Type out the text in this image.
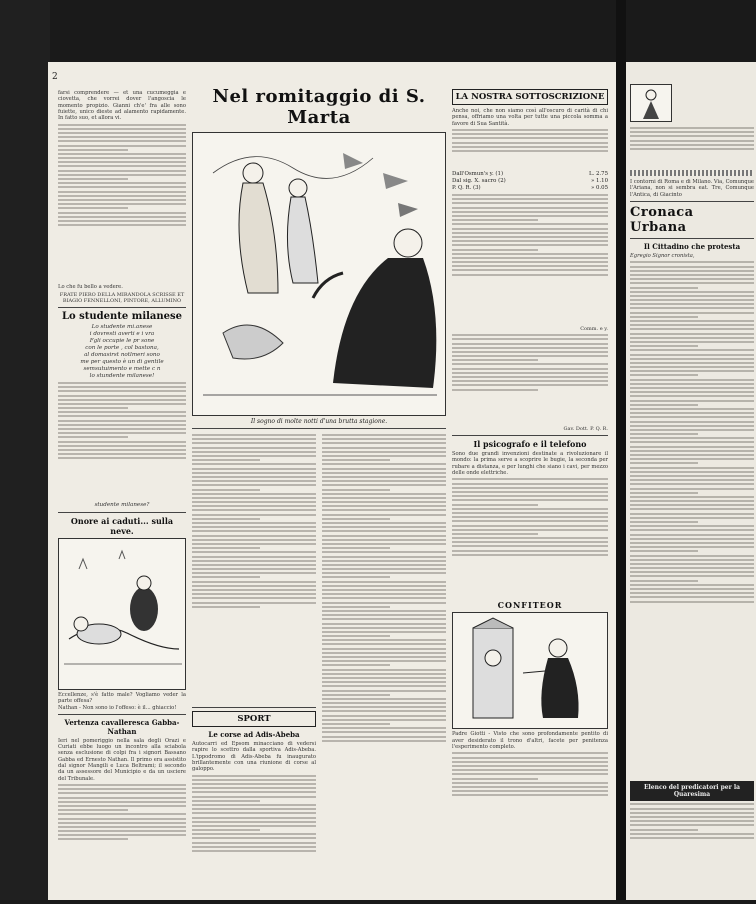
2

farsi comprendere — et una cucumeggia e ciovetta, che vorrei dover l'angoscia le momento propizio. Gianni ch'e' fra alle sono fuiette, unico dieste ad alamento rapidamente. In fatto suo, et allora vi.

Lo che fu bello a vedere.

FRATE PIERO DELLA MIRANDOLA SCRISSE ET BIAGIO FENNELLONI, PINTORE, ALLUMINO
Lo studente milanese

Lo studente mi.anese
i dovresti averti e i vra
Fgli occupie le pr sone
con le porte , col bastona,
al domasirst notlmeri sono
me per questo è un di gentile
semsutuimento e mette c n
lo stundente milanese!

studente milanese?

Onore ai caduti... sulla neve.

Eccellenze, s'è fatto male? Vogliamo veder la parte offesa?

Nathan - Non sono io l'offeso: è il... ghiaccio!

Vertenza cavalleresca Gabba-Nathan

Ieri nel pomeriggio nella sala degli Orazi e Curiati ebbe luogo un incontro alla sciabola senza esclusione di colpi fra i signori Bassano Gabba ed Ernesto Nathan. Il primo era assistito dal signor Mangili e Luca Beltrami; il secondo da un assessore del Municipio e da un usciere del Tribunale.

Nel romitaggio di S. Marta
Il sogno di molte notti d'una brutta stagione.
SPORT
Le corse ad Adis-Abeba

Autocarri ed Epsom minacciano di vedersi rapire lo scettro dalla sportiva Adis-Abeba. L'ippodromo di Adis-Abeba fu inaugurato brillantemente con una riunione di corse al galoppo.

LA NOSTRA SOTTOSCRIZIONE

Anche noi, che non siamo così all'oscuro di carità di chi pensa, offriamo una volta per tutte una piccola somma a favore di Sua Santità.

Dall'Osmun's y. (1)	L. 2.75
Dal sig. X. sacro (2)	» 1.10
P. Q. R. (3)	» 0.05
Comm. e y.
Gav. Dott. P. Q. R.
Il psicografo e il telefono

Sono due grandi invenzioni destinate a rivoluzionare il mondo: la prima serve a scoprire le bugie, la seconda per rubare a distanza, e per lunghi che siano i cavi, per mezzo delle onde elettriche.

CONFITEOR

Padre Giotti - Visto che sono profondamente pentito di aver desiderato il trono d'altri, facete per penitenza l'esperimento completo.

I contorni di Roma e di Milano. Via, Comunque l'Ariana, non si sembra eat. Tre, Comunque l'Antica, di Giacinto

Cronaca Urbana
Il Cittadino che protesta

Egregio Signor cronista,

Elenco del predicatori per la Quaresima
